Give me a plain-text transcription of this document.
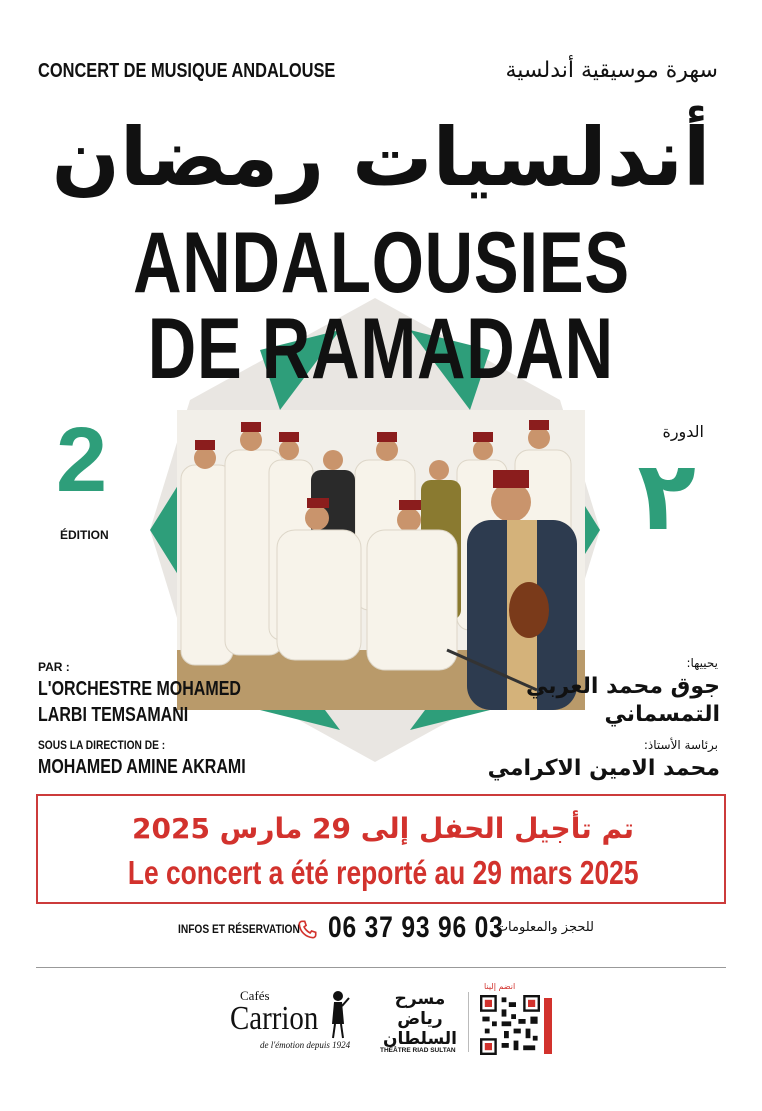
CONCERT DE MUSIQUE ANDALOUSE	سهرة موسيقية أندلسية
أندلسيات رمضان
ANDALOUSIES
DE RAMADAN
2
ÉDITION
الدورة
٢
PAR :
L'ORCHESTRE MOHAMED
LARBI TEMSAMANI
SOUS LA DIRECTION DE :
MOHAMED AMINE AKRAMI
يحييها:
جوق محمد العربي
التمسماني
برئاسة الأستاذ:
محمد الامين الاكرامي
تم تأجيل الحفل إلى 29 مارس 2025
Le concert a été reporté au 29 mars 2025
INFOS ET RÉSERVATION 06 37 93 96 03
للحجز والمعلومات
Cafés
Carrion
de l'émotion depuis 1924
مسرح رياض السلطان
THÉÂTRE RIAD SULTAN
انضم إلينا
